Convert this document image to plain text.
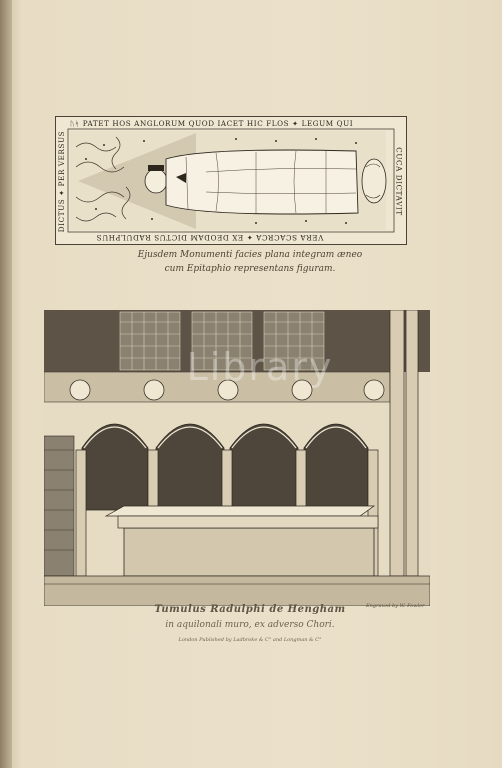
ᚢᛋ PATET HOS ANGLORUM QUOD IACET HIC FLOS ✦ LEGUM QUI
CUCA DICTAVIT
VERA SCACRCA ✦ EX DEODAM DICTUS RADULPHUS
DICTUS ✦ PER VERSUS
Ejusdem Monumenti facies plana integram æneo
cum Epitaphio representans figuram.
Library
Engraved by W. Fowler
Tumulus Radulphi de Hengham
in aquilonali muro, ex adverso Chori.
London Published by Ladbroke & C° and Longman & C°
